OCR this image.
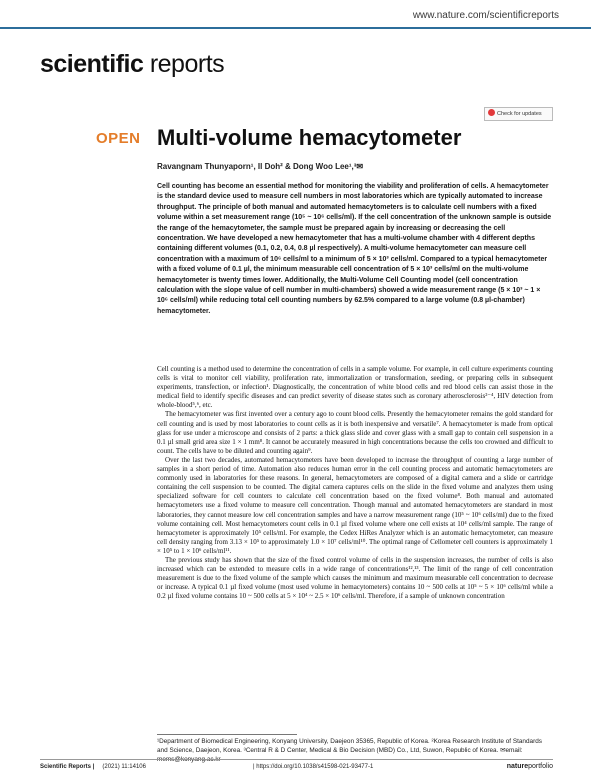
www.nature.com/scientificreports
scientific reports
Check for updates
OPEN Multi-volume hemacytometer
Ravangnam Thunyaporn¹, Il Doh² & Dong Woo Lee¹,³✉

Cell counting has become an essential method for monitoring the viability and proliferation of cells. A hemacytometer is the standard device used to measure cell numbers in most laboratories which are typically automated to increase throughput. The principle of both manual and automated hemacytometers is to calculate cell numbers with a fixed volume within a set measurement range (10⁵ ~ 10⁶ cells/ml). If the cell concentration of the unknown sample is outside the range of the hemacytometer, the sample must be prepared again by increasing or decreasing the cell concentration. We have developed a new hemacytometer that has a multi-volume chamber with 4 different depths containing different volumes (0.1, 0.2, 0.4, 0.8 µl respectively). A multi-volume hemacytometer can measure cell concentration with a maximum of 10⁶ cells/ml to a minimum of 5 × 10³ cells/ml. Compared to a typical hemacytometer with a fixed volume of 0.1 µl, the minimum measurable cell concentration of 5 × 10³ cells/ml on the multi-volume hemacytometer is twenty times lower. Additionally, the Multi-Volume Cell Counting model (cell concentration calculation with the slope value of cell number in multi-chambers) showed a wide measurement range (5 × 10³ ~ 1 × 10⁶ cells/ml) while reducing total cell counting numbers by 62.5% compared to a large volume (0.8 µl-chamber) hemacytometer.

Cell counting is a method used to determine the concentration of cells in a sample volume. For example, in cell culture experiments counting cells is vital to monitor cell viability, proliferation rate, immortalization or transformation, seeding, or preparing cells in subsequent experiments, transfection, or infection¹. Diagnostically, the concentration of white blood cells and red blood cells can assist those in the medical field to identify specific diseases and can predict severity of disease states such as coronary atherosclerosis²⁻⁴, HIV detection from whole-blood⁵,⁶, etc.

The hemacytometer was first invented over a century ago to count blood cells. Presently the hemacytometer remains the gold standard for cell counting and is used by most laboratories to count cells as it is both inexpensive and versatile⁷. A hemacytometer is made from optical glass for use under a microscope and consists of 2 parts: a thick glass slide and cover glass with a small gap to contain cell suspension in a 0.1 µl small grid area size 1 × 1 mm⁸. It cannot be accurately measured in high concentrations because the cells too crowned and difficult to count. The cells have to be diluted and counting again⁹.

Over the last two decades, automated hemacytometers have been developed to increase the throughput of counting a large number of samples in a short period of time. Automation also reduces human error in the cell counting process and automatic hemacytometers are commonly used in laboratories for these reasons. In general, hemacytometers are composed of a digital camera and a slide or cartridge containing the cell suspension to be counted. The digital camera captures cells on the slide in the fixed volume and analyzes them using specialized software for cell counters to calculate cell concentration based on the fixed volume⁸. Both manual and automated hemacytometers use a fixed volume to measure cell concentration. Though manual and automated hemacytometers are standard in most laboratories, they cannot measure low cell concentration samples and have a narrow measurement range (10⁵ ~ 10⁶ cells/ml) due to the fixed volume containing cell. Most hemacytometers count cells in 0.1 µl fixed volume where one cell exists at 10⁴ cells/ml sample. The range of hemacytometer is approximately 10⁵ cells/ml. For example, the Cedex HiRes Analyzer which is an automatic hemacytometer, can measure cell density ranging from 3.13 × 10⁵ to approximately 1.0 × 10⁷ cells/ml¹⁰. The optimal range of Cellometer cell counters is approximately 1 × 10⁵ to 1 × 10⁶ cells/ml¹¹.

The previous study has shown that the size of the fixed control volume of cells in the suspension increases, the number of cells is also increased which can be extended to measure cells in a wide range of concentrations¹²,¹³. The limit of the range of cell concentration measurement is due to the fixed volume of the sample which causes the minimum and maximum measurable cell concentration to decrease or increase. A typical 0.1 µl fixed volume (most used volume in hemacytometers) contains 10 ~ 500 cells at 10⁵ ~ 5 × 10⁶ cells/ml while a 0.2 µl fixed volume contains 10 ~ 500 cells at 5 × 10⁴ ~ 2.5 × 10⁶ cells/ml. Therefore, if a sample of unknown concentration

¹Department of Biomedical Engineering, Konyang University, Daejeon 35365, Republic of Korea. ²Korea Research Institute of Standards and Science, Daejeon, Korea. ³Central R & D Center, Medical & Bio Decision (MBD) Co., Ltd, Suwon, Republic of Korea. ✉email: mems@konyang.ac.kr
Scientific Reports | (2021) 11:14106	| https://doi.org/10.1038/s41598-021-93477-1	natureportfolio
